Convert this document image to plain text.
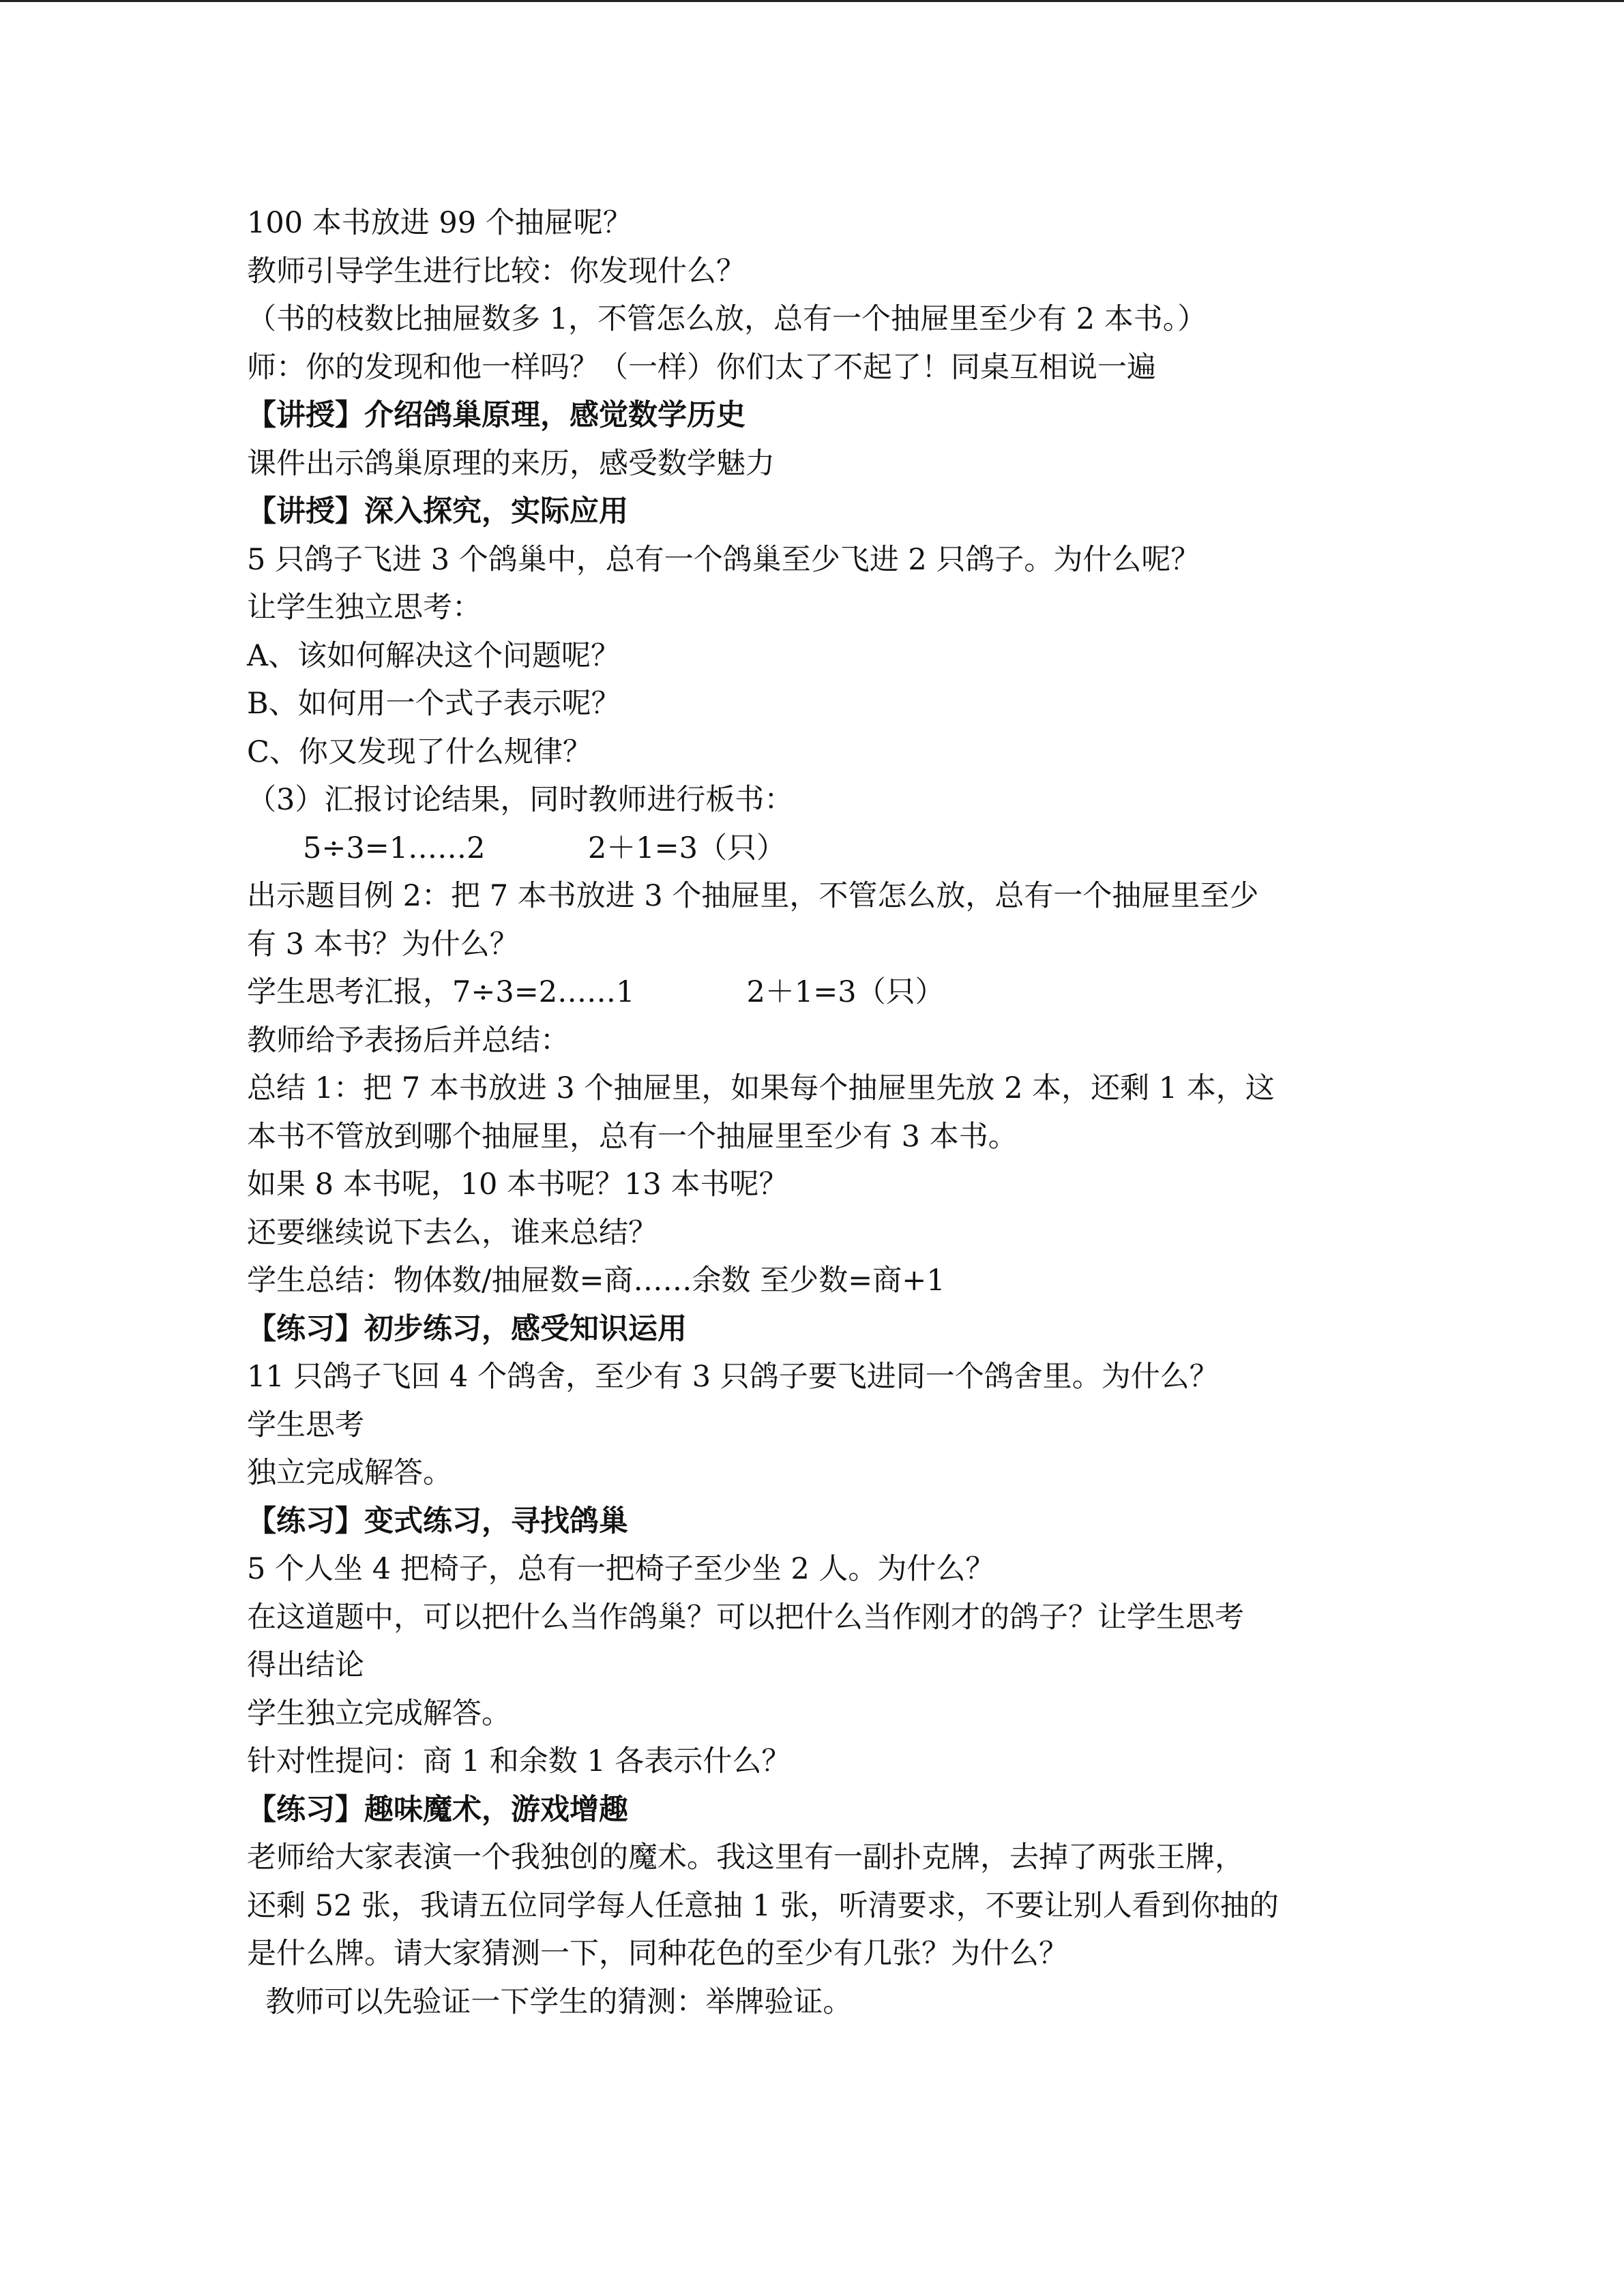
100 本书放进 99 个抽屉呢？
教师引导学生进行比较：你发现什么？
（书的枝数比抽屉数多 1，不管怎么放，总有一个抽屉里至少有 2 本书。）
师：你的发现和他一样吗？（一样）你们太了不起了！同桌互相说一遍
【讲授】介绍鸽巢原理，感觉数学历史
课件出示鸽巢原理的来历，感受数学魅力
【讲授】深入探究，实际应用
5 只鸽子飞进 3 个鸽巢中，总有一个鸽巢至少飞进 2 只鸽子。为什么呢？
让学生独立思考：
A、该如何解决这个问题呢？
B、如何用一个式子表示呢？
C、你又发现了什么规律？
（3）汇报讨论结果，同时教师进行板书：
5÷3=1……2           2＋1=3（只）
出示题目例 2：把 7 本书放进 3 个抽屉里，不管怎么放，总有一个抽屉里至少
有 3 本书？为什么？
学生思考汇报，7÷3=2……1            2＋1=3（只）
教师给予表扬后并总结：
总结 1：把 7 本书放进 3 个抽屉里，如果每个抽屉里先放 2 本，还剩 1 本，这
本书不管放到哪个抽屉里，总有一个抽屉里至少有 3 本书。
如果 8 本书呢，10 本书呢？13 本书呢？
还要继续说下去么，谁来总结？
学生总结：物体数/抽屉数=商……余数 至少数=商+1
【练习】初步练习，感受知识运用
11 只鸽子飞回 4 个鸽舍，至少有 3 只鸽子要飞进同一个鸽舍里。为什么？
学生思考
独立完成解答。
【练习】变式练习，寻找鸽巢
5 个人坐 4 把椅子，总有一把椅子至少坐 2 人。为什么？
在这道题中，可以把什么当作鸽巢？可以把什么当作刚才的鸽子？让学生思考
得出结论
学生独立完成解答。
针对性提问：商 1 和余数 1 各表示什么？
【练习】趣味魔术，游戏增趣
老师给大家表演一个我独创的魔术。我这里有一副扑克牌，去掉了两张王牌，
还剩 52 张，我请五位同学每人任意抽 1 张，听清要求，不要让别人看到你抽的
是什么牌。请大家猜测一下，同种花色的至少有几张？为什么？
教师可以先验证一下学生的猜测：举牌验证。
